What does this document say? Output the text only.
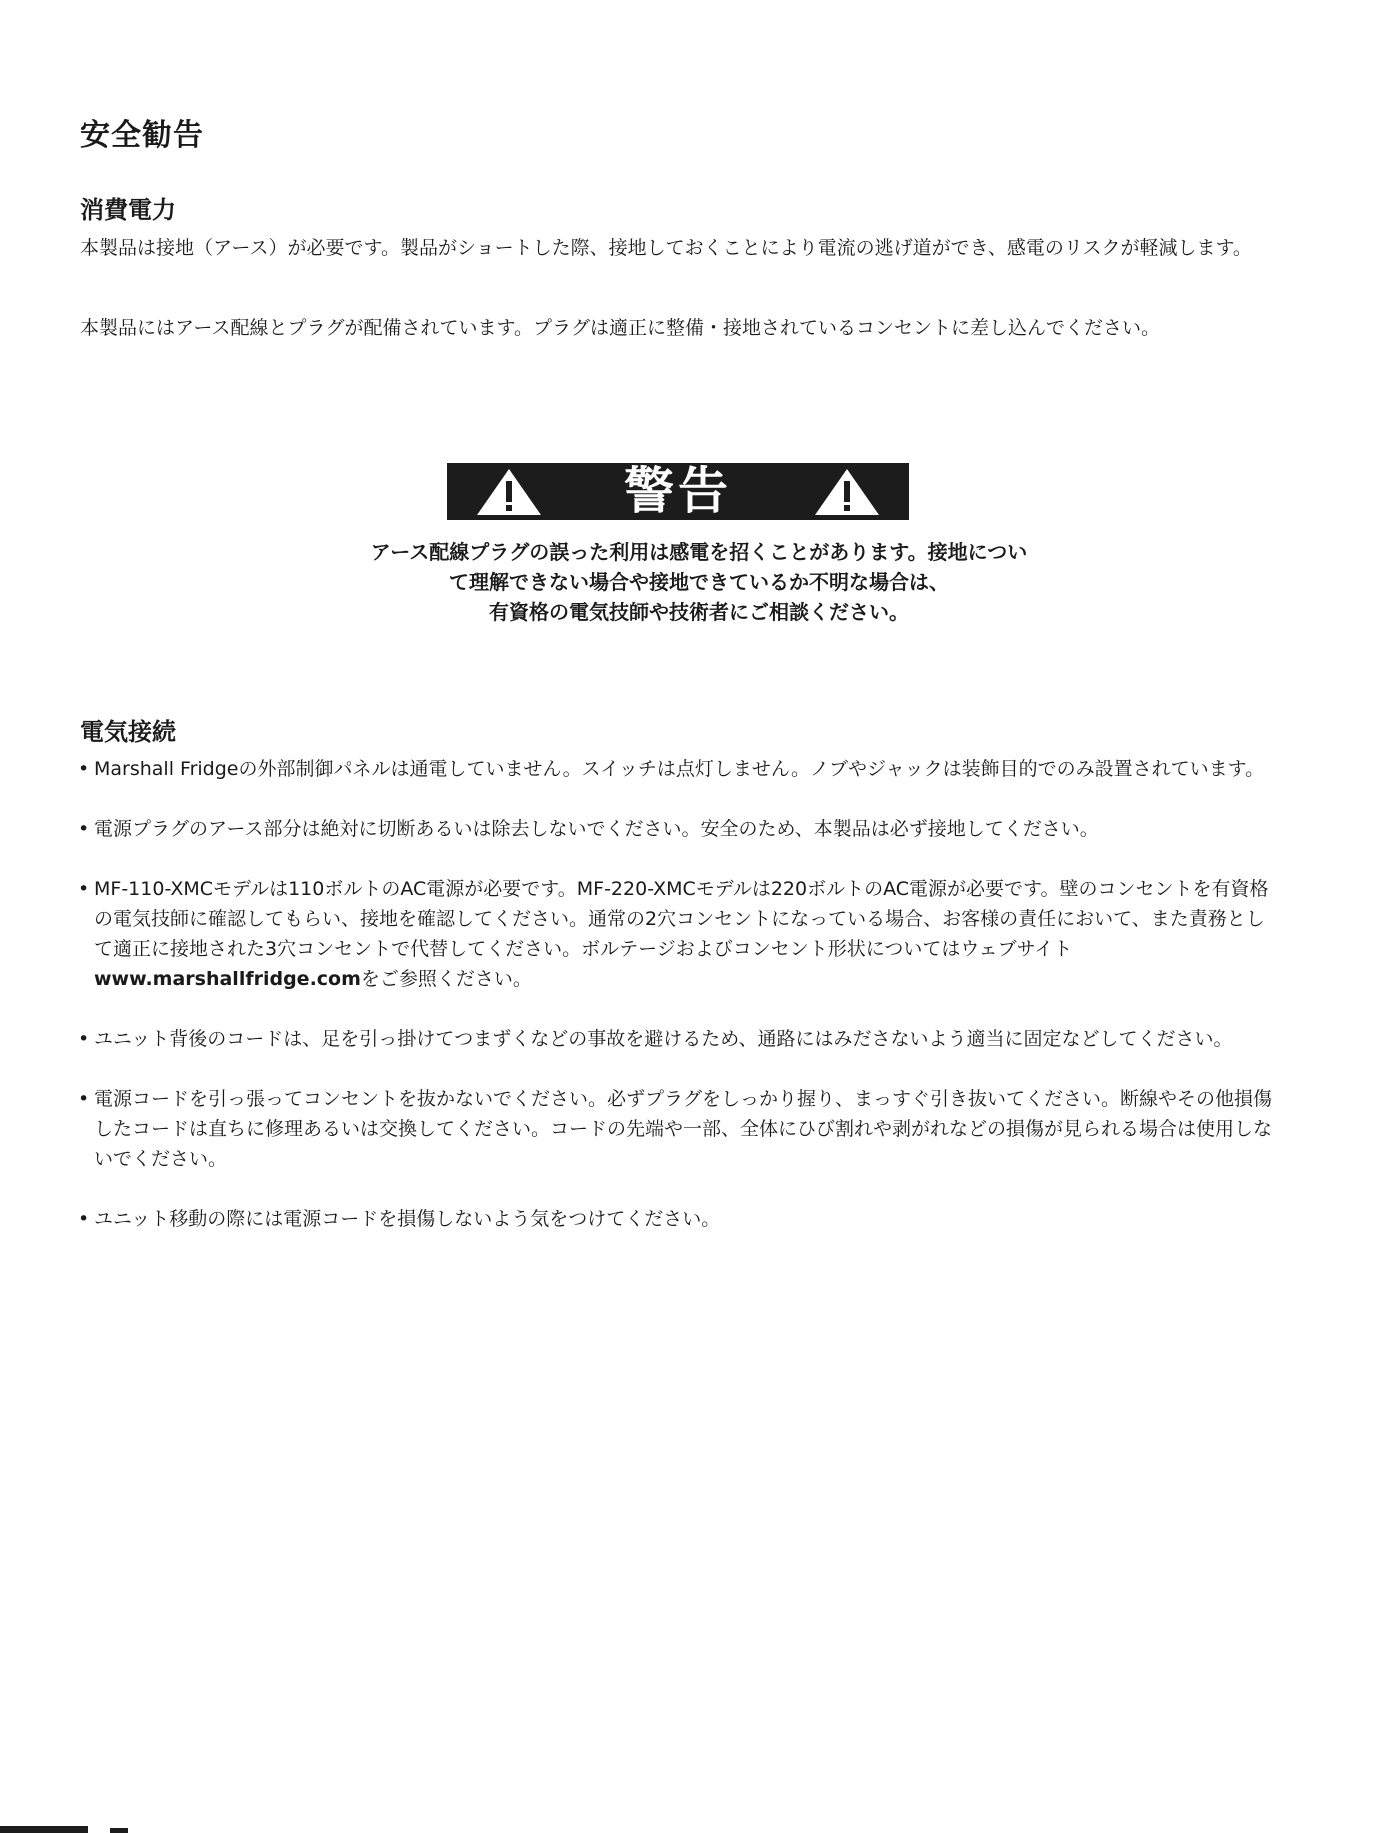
安全勧告
消費電力

本製品は接地（アース）が必要です。製品がショートした際、接地しておくことにより電流の逃げ道ができ、感電のリスクが軽減します。

本製品にはアース配線とプラグが配備されています。プラグは適正に整備・接地されているコンセントに差し込んでください。

警告

アース配線プラグの誤った利用は感電を招くことがあります。接地につい
て理解できない場合や接地できているか不明な場合は、
有資格の電気技師や技術者にご相談ください。

電気接続
• Marshall Fridgeの外部制御パネルは通電していません。スイッチは点灯しません。ノブやジャックは装飾目的でのみ設置されています。
• 電源プラグのアース部分は絶対に切断あるいは除去しないでください。安全のため、本製品は必ず接地してください。
• MF-110-XMCモデルは110ボルトのAC電源が必要です。MF-220-XMCモデルは220ボルトのAC電源が必要です。壁のコンセントを有資格の電気技師に確認してもらい、接地を確認してください。通常の2穴コンセントになっている場合、お客様の責任において、また責務として適正に接地された3穴コンセントで代替してください。ボルテージおよびコンセント形状についてはウェブサイトwww.marshallfridge.comをご参照ください。
• ユニット背後のコードは、足を引っ掛けてつまずくなどの事故を避けるため、通路にはみださないよう適当に固定などしてください。
• 電源コードを引っ張ってコンセントを抜かないでください。必ずプラグをしっかり握り、まっすぐ引き抜いてください。断線やその他損傷したコードは直ちに修理あるいは交換してください。コードの先端や一部、全体にひび割れや剥がれなどの損傷が見られる場合は使用しないでください。
• ユニット移動の際には電源コードを損傷しないよう気をつけてください。
